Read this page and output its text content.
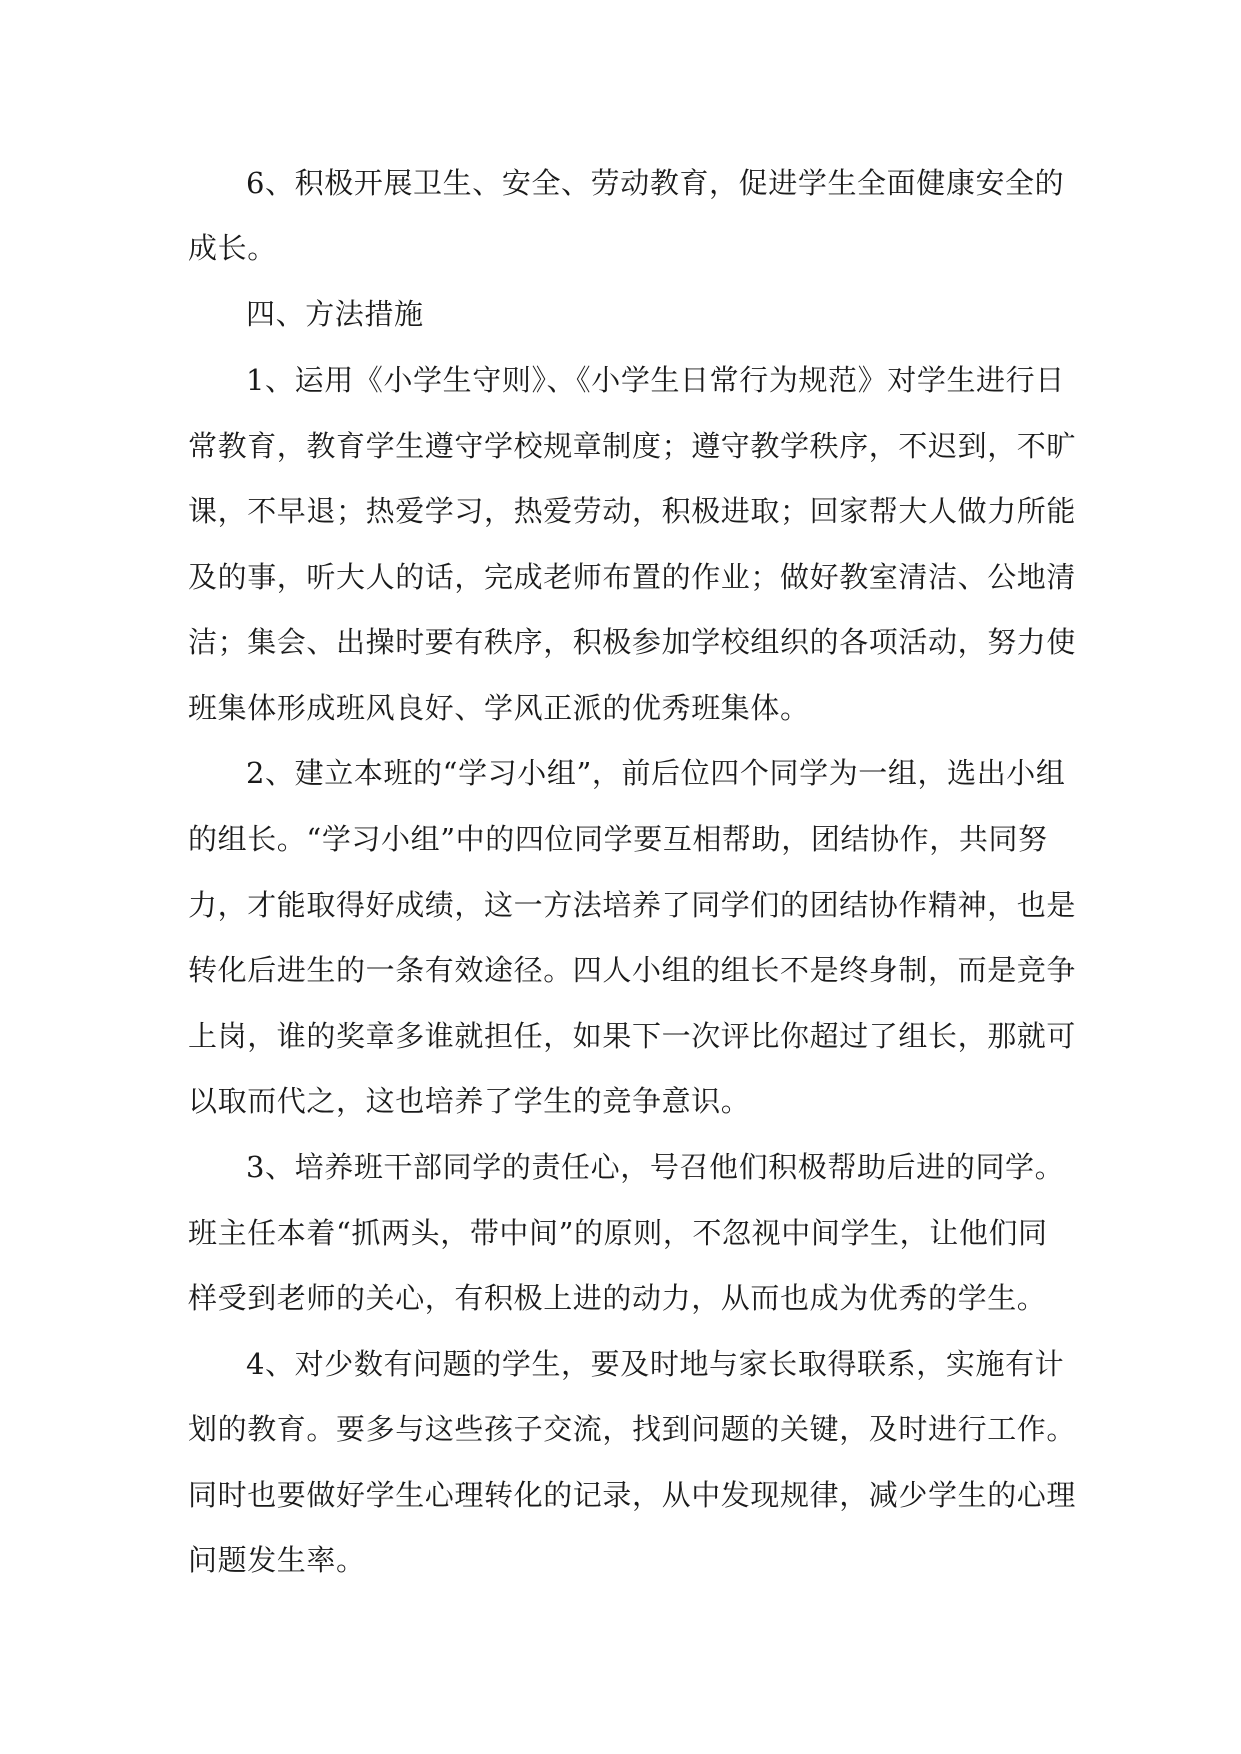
6、积极开展卫生、安全、劳动教育，促进学生全面健康安全的
成长。
四、方法措施
1、运用《小学生守则》、《小学生日常行为规范》对学生进行日
常教育，教育学生遵守学校规章制度；遵守教学秩序，不迟到，不旷
课，不早退；热爱学习，热爱劳动，积极进取；回家帮大人做力所能
及的事，听大人的话，完成老师布置的作业；做好教室清洁、公地清
洁；集会、出操时要有秩序，积极参加学校组织的各项活动，努力使
班集体形成班风良好、学风正派的优秀班集体。
2、建立本班的“学习小组”，前后位四个同学为一组，选出小组
的组长。“学习小组”中的四位同学要互相帮助，团结协作，共同努
力，才能取得好成绩，这一方法培养了同学们的团结协作精神，也是
转化后进生的一条有效途径。四人小组的组长不是终身制，而是竞争
上岗，谁的奖章多谁就担任，如果下一次评比你超过了组长，那就可
以取而代之，这也培养了学生的竞争意识。
3、培养班干部同学的责任心，号召他们积极帮助后进的同学。
班主任本着“抓两头，带中间”的原则，不忽视中间学生，让他们同
样受到老师的关心，有积极上进的动力，从而也成为优秀的学生。
4、对少数有问题的学生，要及时地与家长取得联系，实施有计
划的教育。要多与这些孩子交流，找到问题的关键，及时进行工作。
同时也要做好学生心理转化的记录，从中发现规律，减少学生的心理
问题发生率。
